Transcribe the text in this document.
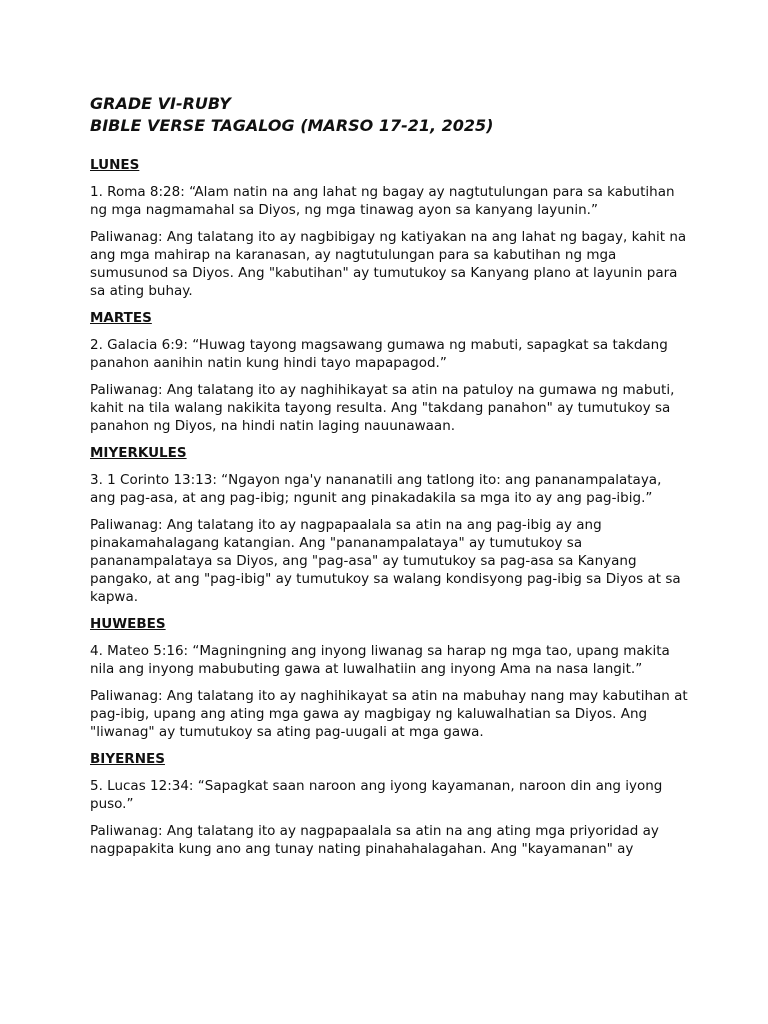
GRADE VI-RUBY
BIBLE VERSE TAGALOG (MARSO 17-21, 2025)

LUNES

1. Roma 8:28: “Alam natin na ang lahat ng bagay ay nagtutulungan para sa kabutihan ng mga nagmamahal sa Diyos, ng mga tinawag ayon sa kanyang layunin.”

Paliwanag: Ang talatang ito ay nagbibigay ng katiyakan na ang lahat ng bagay, kahit na ang mga mahirap na karanasan, ay nagtutulungan para sa kabutihan ng mga sumusunod sa Diyos. Ang "kabutihan" ay tumutukoy sa Kanyang plano at layunin para sa ating buhay.

MARTES

2. Galacia 6:9: “Huwag tayong magsawang gumawa ng mabuti, sapagkat sa takdang panahon aanihin natin kung hindi tayo mapapagod.”

Paliwanag: Ang talatang ito ay naghihikayat sa atin na patuloy na gumawa ng mabuti, kahit na tila walang nakikita tayong resulta. Ang "takdang panahon" ay tumutukoy sa panahon ng Diyos, na hindi natin laging nauunawaan.

MIYERKULES

3. 1 Corinto 13:13: “Ngayon nga'y nananatili ang tatlong ito: ang pananampalataya, ang pag-asa, at ang pag-ibig; ngunit ang pinakadakila sa mga ito ay ang pag-ibig.”

Paliwanag: Ang talatang ito ay nagpapaalala sa atin na ang pag-ibig ay ang pinakamahalagang katangian. Ang "pananampalataya" ay tumutukoy sa pananampalataya sa Diyos, ang "pag-asa" ay tumutukoy sa pag-asa sa Kanyang pangako, at ang "pag-ibig" ay tumutukoy sa walang kondisyong pag-ibig sa Diyos at sa kapwa.

HUWEBES

4. Mateo 5:16: “Magningning ang inyong liwanag sa harap ng mga tao, upang makita nila ang inyong mabubuting gawa at luwalhatiin ang inyong Ama na nasa langit.”

Paliwanag: Ang talatang ito ay naghihikayat sa atin na mabuhay nang may kabutihan at pag-ibig, upang ang ating mga gawa ay magbigay ng kaluwalhatian sa Diyos. Ang "liwanag" ay tumutukoy sa ating pag-uugali at mga gawa.

BIYERNES

5. Lucas 12:34: “Sapagkat saan naroon ang iyong kayamanan, naroon din ang iyong puso.”

Paliwanag: Ang talatang ito ay nagpapaalala sa atin na ang ating mga priyoridad ay nagpapakita kung ano ang tunay nating pinahahalagahan. Ang "kayamanan" ay
